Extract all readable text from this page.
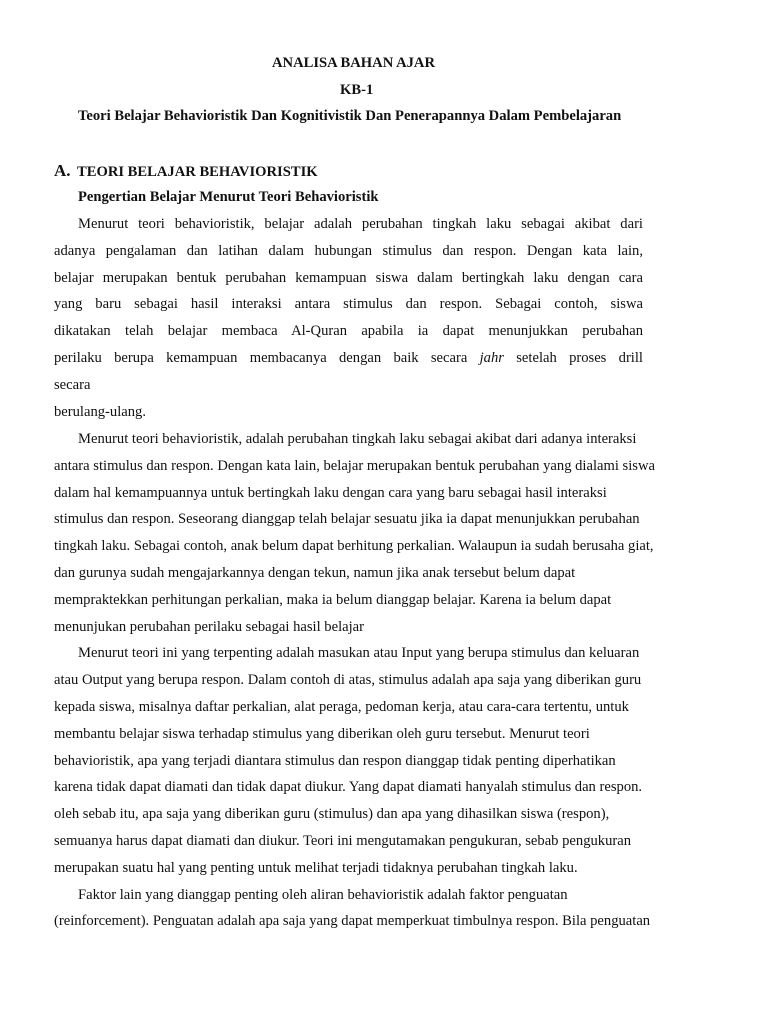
ANALISA BAHAN AJAR
KB-1
Teori Belajar Behavioristik Dan Kognitivistik Dan Penerapannya Dalam Pembelajaran
A. TEORI BELAJAR BEHAVIORISTIK
Pengertian Belajar Menurut Teori Behavioristik
Menurut teori behavioristik, belajar adalah perubahan tingkah laku sebagai akibat dari
adanya pengalaman dan latihan dalam hubungan stimulus dan respon. Dengan kata lain,
belajar merupakan bentuk perubahan kemampuan siswa dalam bertingkah laku dengan cara
yang baru sebagai hasil interaksi antara stimulus dan respon. Sebagai contoh, siswa
dikatakan telah belajar membaca Al-Quran apabila ia dapat menunjukkan perubahan
perilaku berupa kemampuan membacanya dengan baik secara jahr setelah proses drill
secara
berulang-ulang.
Menurut teori behavioristik, adalah perubahan tingkah laku sebagai akibat dari adanya interaksi
antara stimulus dan respon. Dengan kata lain, belajar merupakan bentuk perubahan yang dialami siswa
dalam hal kemampuannya untuk bertingkah laku dengan cara yang baru sebagai hasil interaksi
stimulus dan respon. Seseorang dianggap telah belajar sesuatu jika ia dapat menunjukkan perubahan
tingkah laku. Sebagai contoh, anak belum dapat berhitung perkalian. Walaupun ia sudah berusaha giat,
dan gurunya sudah mengajarkannya dengan tekun, namun jika anak tersebut belum dapat
mempraktekkan perhitungan perkalian, maka ia belum dianggap belajar. Karena ia belum dapat
menunjukan perubahan perilaku sebagai hasil belajar
Menurut teori ini yang terpenting adalah masukan atau Input yang berupa stimulus dan keluaran
atau Output yang berupa respon. Dalam contoh di atas, stimulus adalah apa saja yang diberikan guru
kepada siswa, misalnya daftar perkalian, alat peraga, pedoman kerja, atau cara-cara tertentu, untuk
membantu belajar siswa terhadap stimulus yang diberikan oleh guru tersebut. Menurut teori
behavioristik, apa yang terjadi diantara stimulus dan respon dianggap tidak penting diperhatikan
karena tidak dapat diamati dan tidak dapat diukur. Yang dapat diamati hanyalah stimulus dan respon.
oleh sebab itu, apa saja yang diberikan guru (stimulus) dan apa yang dihasilkan siswa (respon),
semuanya harus dapat diamati dan diukur. Teori ini mengutamakan pengukuran, sebab pengukuran
merupakan suatu hal yang penting untuk melihat terjadi tidaknya perubahan tingkah laku.
Faktor lain yang dianggap penting oleh aliran behavioristik adalah faktor penguatan
(reinforcement). Penguatan adalah apa saja yang dapat memperkuat timbulnya respon. Bila penguatan
